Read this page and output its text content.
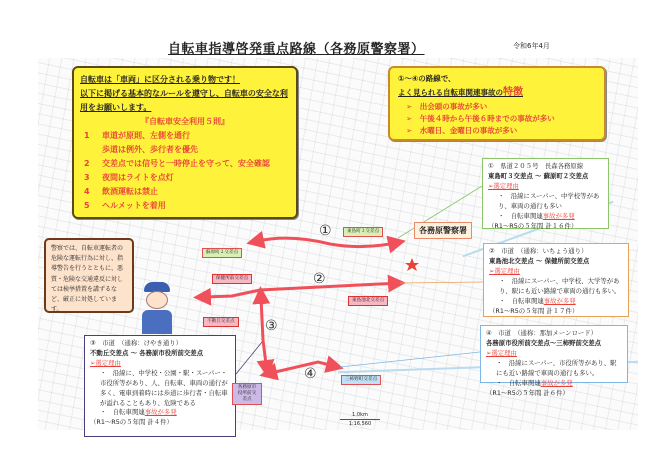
自転車指導啓発重点路線（各務原警察署）	令和6年4月
自転車は「車両」に区分される乗り物です！
以下に掲げる基本的なルールを遵守し、自転車の安全な利用をお願いします。
『自転車安全利用５則』
1	車道が原則、左側を通行
歩道は例外、歩行者を優先
2	交差点では信号と一時停止を守って、安全確認
3	夜間はライトを点灯
4	飲酒運転は禁止
5	ヘルメットを着用
①～④の路線で、
よく見られる自転車関連事故の特徴
➢　 出会頭の事故が多い
➢　 午後４時から午後６時までの事故が多い
➢　 水曜日、金曜日の事故が多い
①　県道２０５号　長森各務原線
東島町３交差点 ～ 蘇原町２交差点
➢選定理由
・　沿線にスーパー、中学校等があり、車両の通行も多い
・　自転車関連事故が多発
（R1～R5の５年間 計１６件）
②　市道　（通称：いちょう通り）
東島池北交差点 ～ 保健所前交差点
➢選定理由
・　沿線にスーパー、中学校、大学等があり、駅にも近い路線で車両の通行も多い。
・　自転車関連事故が多発
（R1～R5の５年間 計１７件）
③　市道　（通称：けやき通り）
不動丘交差点 ～ 各務原市役所前交差点
➢選定理由
・　沿線に、中学校・公園・駅・スーパー・市役所等があり、人、自転車、車両の通行が多く、電車到着時には歩道に歩行者・自転車が溢れることもあり、危険である
・　自転車関連事故が多発
（R1～R5の５年間 計４件）
④　市道　（通称：那加メーンロード）
各務原市役所前交差点～三柿野前交差点
➢選定理由
・　沿線にスーパー、市役所等があり、駅にも近い路線で車両の通行も多い。
・　自転車関連事故が多発
（R1～R5の５年間 計６件）
警察では、自転車運転者の危険な運転行為に対し、指導警告を行うとともに、悪質・危険な交通違反に対しては検挙措置を講ずるなど、厳正に対処しています。
各務原警察署
①
②
③
④
蘇原町２交差点
東島町３交差点
保健所前交差点
東島池北交差点
不動丘交差点
各務原市役所前交差点
三柿野町交差点
1.0km
1:16,560
